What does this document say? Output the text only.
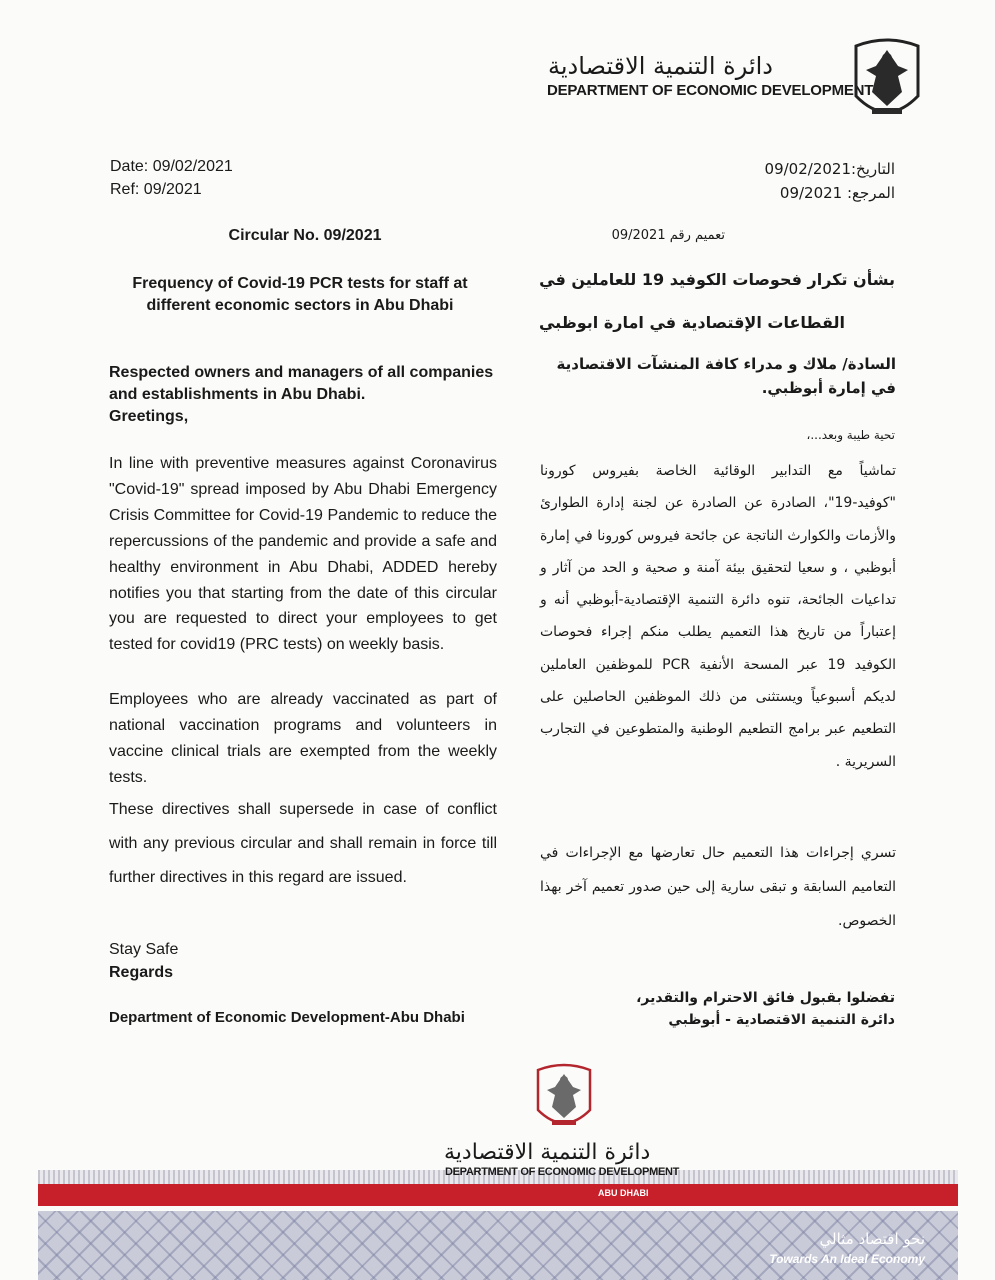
دائرة التنمية الاقتصادية
DEPARTMENT OF ECONOMIC DEVELOPMENT
Date: 09/02/2021
Ref: 09/2021
التاريخ:09/02/2021
المرجع: 09/2021
Circular No. 09/2021
Frequency of Covid-19 PCR tests for staff at different economic sectors in Abu Dhabi
Respected owners and managers of all companies and establishments in Abu Dhabi.
Greetings,
In line with preventive measures against Coronavirus "Covid-19" spread imposed by Abu Dhabi Emergency Crisis Committee for Covid-19 Pandemic to reduce the repercussions of the pandemic and provide a safe and healthy environment in Abu Dhabi, ADDED hereby notifies you that starting from the date of this circular you are requested to direct your employees to get tested for covid19 (PRC tests) on weekly basis.
Employees who are already vaccinated as part of national vaccination programs and volunteers in vaccine clinical trials are exempted from the weekly tests.
These directives shall supersede in case of conflict with any previous circular and shall remain in force till further directives in this regard are issued.
Stay Safe
Regards
Department of Economic Development-Abu Dhabi
تعميم رقم 09/2021
بشأن تكرار فحوصات الكوفيد 19 للعاملين في
القطاعات الإقتصادية في امارة ابوظبي
السادة/ ملاك و مدراء كافة المنشآت الاقتصادية في إمارة أبوظبي.
تحية طيبة وبعد...،
تماشياً مع التدابير الوقائية الخاصة بفيروس كورونا "كوفيد-19"، الصادرة عن الصادرة عن لجنة إدارة الطوارئ والأزمات والكوارث الناتجة عن جائحة فيروس كورونا في إمارة أبوظبي ، و سعيا لتحقيق بيئة آمنة و صحية و الحد من آثار و تداعيات الجائحة، تنوه دائرة التنمية الإقتصادية-أبوظبي أنه و إعتباراً من تاريخ هذا التعميم يطلب منكم إجراء فحوصات الكوفيد 19 عبر المسحة الأنفية PCR للموظفين العاملين لديكم أسبوعياً ويستثنى من ذلك الموظفين الحاصلين على التطعيم عبر برامج التطعيم الوطنية والمتطوعين في التجارب السريرية .
تسري إجراءات هذا التعميم حال تعارضها مع الإجراءات في التعاميم السابقة و تبقى سارية إلى حين صدور تعميم آخر بهذا الخصوص.
تفضلوا بقبول فائق الاحترام والتقدير،
دائرة التنمية الاقتصادية - أبوظبي
دائرة التنمية الاقتصادية
DEPARTMENT OF ECONOMIC DEVELOPMENT
ABU DHABI
نحو اقتصاد مثالي
Towards An Ideal Economy
